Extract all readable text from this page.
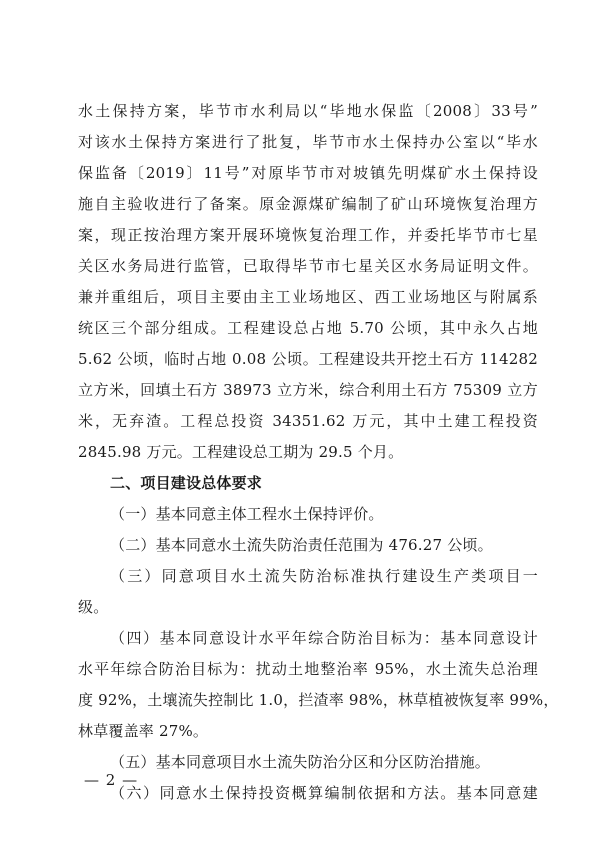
水土保持方案，毕节市水利局以“毕地水保监〔2008〕33号”
对该水土保持方案进行了批复，毕节市水土保持办公室以“毕水
保监备〔2019〕11号”对原毕节市对坡镇先明煤矿水土保持设
施自主验收进行了备案。原金源煤矿编制了矿山环境恢复治理方
案，现正按治理方案开展环境恢复治理工作，并委托毕节市七星
关区水务局进行监管，已取得毕节市七星关区水务局证明文件。
兼并重组后，项目主要由主工业场地区、西工业场地区与附属系
统区三个部分组成。工程建设总占地 5.70 公顷，其中永久占地
5.62 公顷，临时占地 0.08 公顷。工程建设共开挖土石方 114282
立方米，回填土石方 38973 立方米，综合利用土石方 75309 立方
米，无弃渣。工程总投资 34351.62 万元，其中土建工程投资
2845.98 万元。工程建设总工期为 29.5 个月。
二、项目建设总体要求
（一）基本同意主体工程水土保持评价。
（二）基本同意水土流失防治责任范围为 476.27 公顷。
（三）同意项目水土流失防治标准执行建设生产类项目一
级。
（四）基本同意设计水平年综合防治目标为：基本同意设计
水平年综合防治目标为：扰动土地整治率 95%，水土流失总治理
度 92%，土壤流失控制比 1.0，拦渣率 98%，林草植被恢复率 99%，
林草覆盖率 27%。
（五）基本同意项目水土流失防治分区和分区防治措施。
（六）同意水土保持投资概算编制依据和方法。基本同意建
— 2 —
